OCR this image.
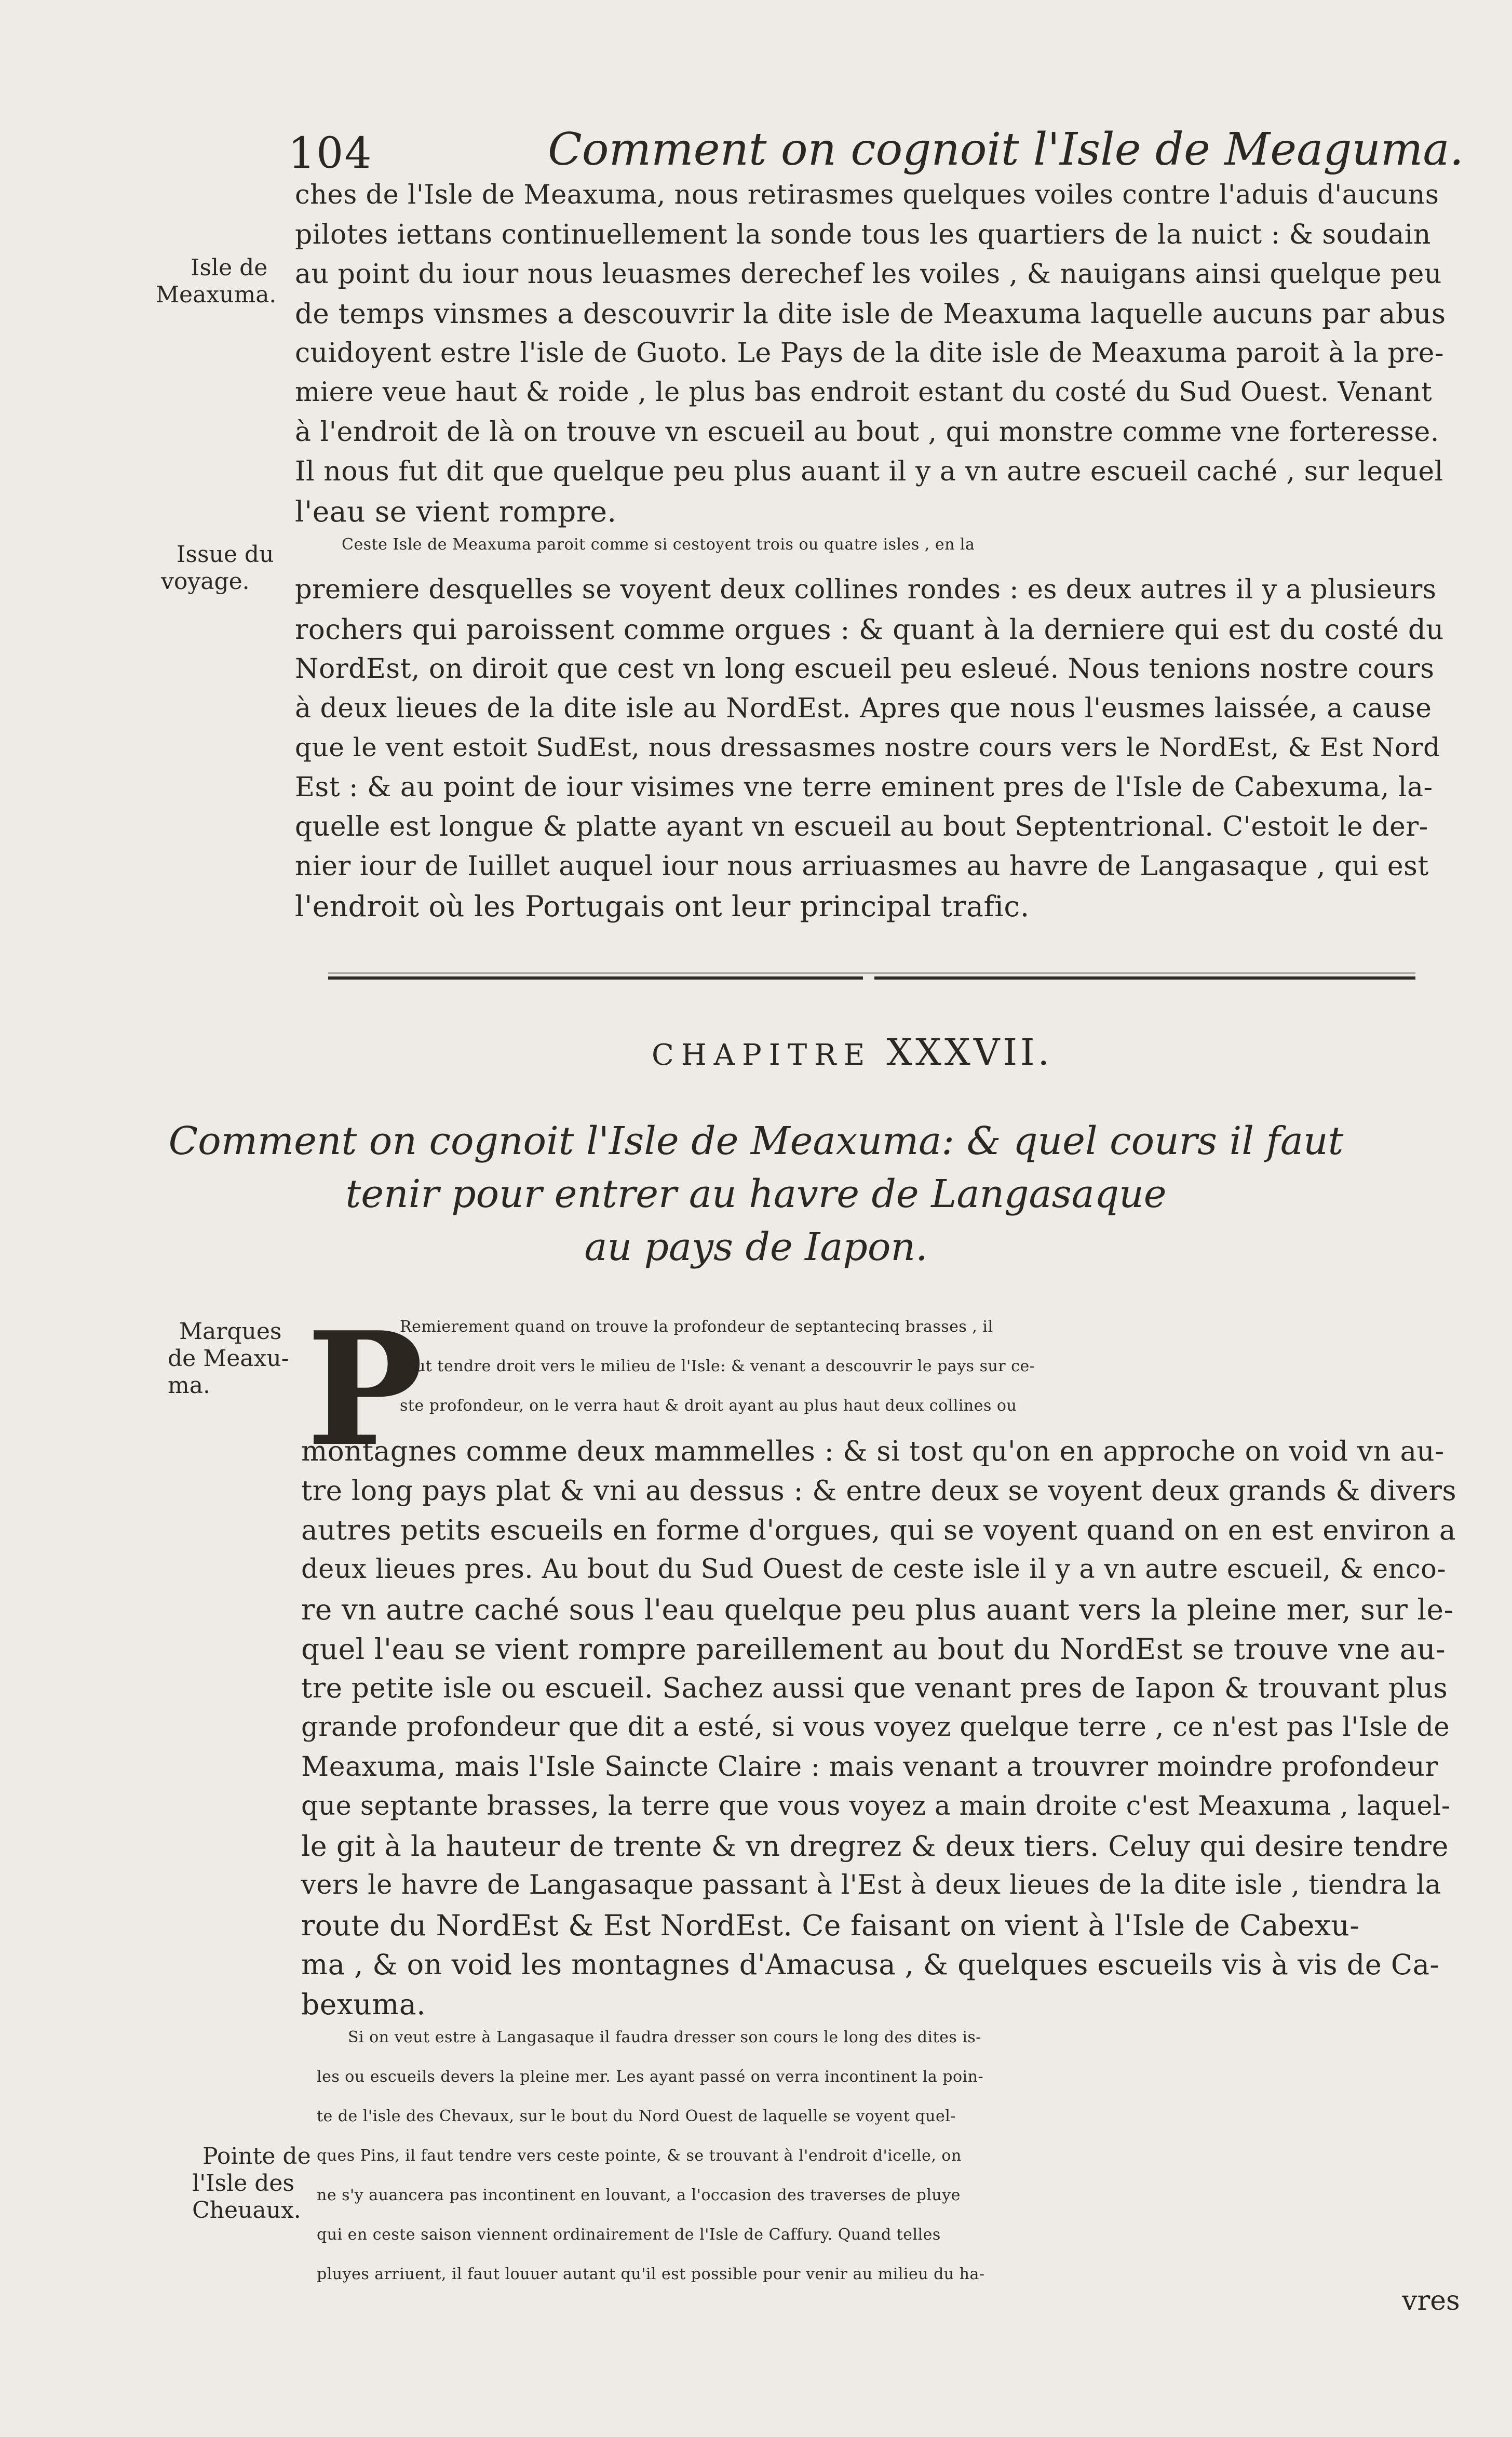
104	Comment on cognoit l'Isle de Meaguma.
Isle de
Meaxuma.
Issue du
voyage.
Marques
de Meaxu-
ma.
Pointe de
l'Isle des
Cheuaux.
ches de l'Isle de Meaxuma, nous retirasmes quelques voiles contre l'aduis d'aucuns
pilotes iettans continuellement la sonde tous les quartiers de la nuict : & soudain
au point du iour nous leuasmes derechef les voiles , & nauigans ainsi quelque peu
de temps vinsmes a descouvrir la dite isle de Meaxuma laquelle aucuns par abus
cuidoyent estre l'isle de Guoto. Le Pays de la dite isle de Meaxuma paroit à la pre-
miere veue haut & roide , le plus bas endroit estant du costé du Sud Ouest. Venant
à l'endroit de là on trouve vn escueil au bout , qui monstre comme vne forteresse.
Il nous fut dit que quelque peu plus auant il y a vn autre escueil caché , sur lequel
l'eau se vient rompre.
Ceste Isle de Meaxuma paroit comme si cestoyent trois ou quatre isles , en la
premiere desquelles se voyent deux collines rondes : es deux autres il y a plusieurs
rochers qui paroissent comme orgues : & quant à la derniere qui est du costé du
NordEst, on diroit que cest vn long escueil peu esleué. Nous tenions nostre cours
à deux lieues de la dite isle au NordEst. Apres que nous l'eusmes laissée, a cause
que le vent estoit SudEst, nous dressasmes nostre cours vers le NordEst, & Est Nord
Est : & au point de iour visimes vne terre eminent pres de l'Isle de Cabexuma, la-
quelle est longue & platte ayant vn escueil au bout Septentrional. C'estoit le der-
nier iour de Iuillet auquel iour nous arriuasmes au havre de Langasaque , qui est
l'endroit où les Portugais ont leur principal trafic.
CHAPITRE XXXVII.
Comment on cognoit l'Isle de Meaxuma: & quel cours il faut
tenir pour entrer au havre de Langasaque
au pays de Iapon.
P
Remierement quand on trouve la profondeur de septantecinq brasses , il
faut tendre droit vers le milieu de l'Isle: & venant a descouvrir le pays sur ce-
ste profondeur, on le verra haut & droit ayant au plus haut deux collines ou
montagnes comme deux mammelles : & si tost qu'on en approche on void vn au-
tre long pays plat & vni au dessus : & entre deux se voyent deux grands & divers
autres petits escueils en forme d'orgues, qui se voyent quand on en est environ a
deux lieues pres. Au bout du Sud Ouest de ceste isle il y a vn autre escueil, & enco-
re vn autre caché sous l'eau quelque peu plus auant vers la pleine mer, sur le-
quel l'eau se vient rompre pareillement au bout du NordEst se trouve vne au-
tre petite isle ou escueil. Sachez aussi que venant pres de Iapon & trouvant plus
grande profondeur que dit a esté, si vous voyez quelque terre , ce n'est pas l'Isle de
Meaxuma, mais l'Isle Saincte Claire : mais venant a trouvrer moindre profondeur
que septante brasses, la terre que vous voyez a main droite c'est Meaxuma , laquel-
le git à la hauteur de trente & vn dregrez & deux tiers. Celuy qui desire tendre
vers le havre de Langasaque passant à l'Est à deux lieues de la dite isle , tiendra la
route du NordEst & Est NordEst. Ce faisant on vient à l'Isle de Cabexu-
ma , & on void les montagnes d'Amacusa , & quelques escueils vis à vis de Ca-
bexuma.
Si on veut estre à Langasaque il faudra dresser son cours le long des dites is-
les ou escueils devers la pleine mer. Les ayant passé on verra incontinent la poin-
te de l'isle des Chevaux, sur le bout du Nord Ouest de laquelle se voyent quel-
ques Pins, il faut tendre vers ceste pointe, & se trouvant à l'endroit d'icelle, on
ne s'y auancera pas incontinent en louvant, a l'occasion des traverses de pluye
qui en ceste saison viennent ordinairement de l'Isle de Caffury. Quand telles
pluyes arriuent, il faut louuer autant qu'il est possible pour venir au milieu du ha-
vres
